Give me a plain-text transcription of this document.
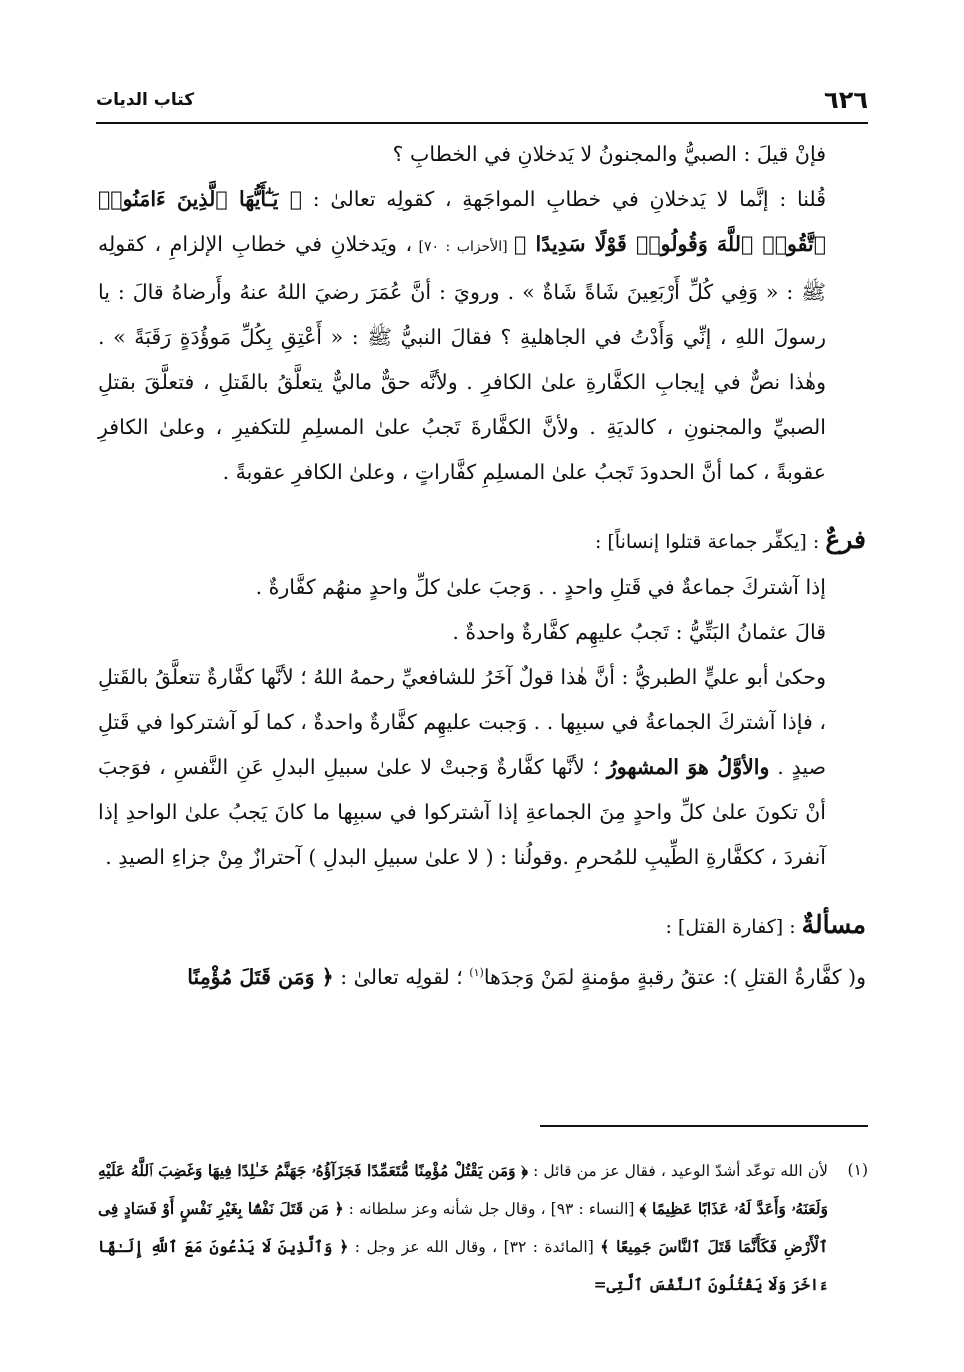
٦٢٦
كتاب الديات

فإنْ قيلَ : الصبيُّ والمجنونُ لا يَدخلانِ في الخطابِ ؟

قُلنا : إنَّما لا يَدخلانِ في خطابِ المواجَهةِ ، كقولِه تعالىٰ : ﴿ يَـٰٓأَيُّهَا ٱلَّذِينَ ءَامَنُوا۟ ٱتَّقُوا۟ ٱللَّهَ وَقُولُوا۟ قَوْلًا سَدِيدًا ﴾ [الأحزاب : ٧٠] ، ويَدخلانِ في خطابِ الإلزامِ ، كقولِه ﷺ : « وَفِي كُلِّ أَرْبَعِينَ شَاةً شَاةٌ » . ورويَ : أنَّ عُمَرَ رضيَ اللهُ عنهُ وأَرضاهُ قالَ : يا رسولَ اللهِ ، إنِّي وَأَدْتُ في الجاهليةِ ؟ فقالَ النبيُّ ﷺ : « أَعْتِقِ بِكُلِّ مَوؤُدَةٍ رَقَبَةً » . وهٰذا نصٌّ في إيجابِ الكفَّارةِ علىٰ الكافرِ . ولأنَّه حقٌّ ماليٌّ يتعلَّقُ بالقَتلِ ، فتعلَّقَ بقتلِ الصبيِّ والمجنونِ ، كالديَةِ . ولأنَّ الكفَّارةَ تَجبُ علىٰ المسلِمِ للتكفيرِ ، وعلىٰ الكافرِ عقوبةً ، كما أنَّ الحدودَ تَجبُ علىٰ المسلِمِ كفَّاراتٍ ، وعلىٰ الكافرِ عقوبةً .

فرعٌ : [يكفِّر جماعة قتلوا إنساناً] :

إذا آشتركَ جماعةٌ في قَتلِ واحدٍ . . وَجبَ علىٰ كلِّ واحدٍ منهُم كفَّارةٌ .

قالَ عثمانُ البَتِّيُّ : تَجبُ عليهِم كفَّارةٌ واحدةٌ .

وحكىٰ أبو عليٍّ الطبريُّ : أنَّ هٰذا قولٌ آخَرُ للشافعيِّ رحمهُ اللهُ ؛ لأنَّها كفَّارةٌ تتعلَّقُ بالقَتلِ ، فإذا آشتركَ الجماعةُ في سببِها . . وَجبت عليهِم كفَّارةٌ واحدةٌ ، كما لَو آشتركوا في قَتلِ صيدٍ . والأوَّلُ هوَ المشهورُ ؛ لأنَّها كفَّارةٌ وَجبتْ لا علىٰ سبيلِ البدلِ عَنِ النَّفسِ ، فوَجبَ أنْ تكونَ علىٰ كلِّ واحدٍ مِنَ الجماعةِ إذا آشتركوا في سببِها ما كانَ يَجبُ علىٰ الواحدِ إذا آنفردَ ، ككفَّارةِ الطِّيبِ للمُحرمِ .وقولُنا : ( لا علىٰ سبيلِ البدلِ ) آحترازٌ مِنْ جزاءِ الصيدِ .

مسألةٌ : [كفارة القتل] :

و( كفَّارةُ القتلِ ): عتقُ رقبةٍ مؤمنةٍ لمَنْ وَجدَها$^{(١)}$ ؛ لقولِه تعالىٰ : ﴿ وَمَن قَتَلَ مُؤْمِنًا

(١)
لأن الله توعّد أشدّ الوعيد ، فقال عز من قائل : ﴿ وَمَن يَقْتُلْ مُؤْمِنًا مُّتَعَمِّدًا فَجَزَآؤُهُۥ جَهَنَّمُ خَـٰلِدًا فِيهَا وَغَضِبَ ٱللَّهُ عَلَيْهِ وَلَعَنَهُۥ وَأَعَدَّ لَهُۥ عَذَابًا عَظِيمًا ﴾ [النساء : ٩٣] ، وقال جل شأنه وعز سلطانه : ﴿ مَن قَتَلَ نَفْسًۢا بِغَيْرِ نَفْسٍ أَوْ فَسَادٍ فِى ٱلْأَرْضِ فَكَأَنَّمَا قَتَلَ ٱلنَّاسَ جَمِيعًا ﴾ [المائدة : ٣٢] ، وقال الله عز وجل : ﴿ وَٱلَّذِينَ لَا يَدْعُونَ مَعَ ٱللَّهِ إِلَـٰهًا ءَاخَرَ وَلَا يَقْتُلُونَ ٱلنَّفْسَ ٱلَّتِى=
